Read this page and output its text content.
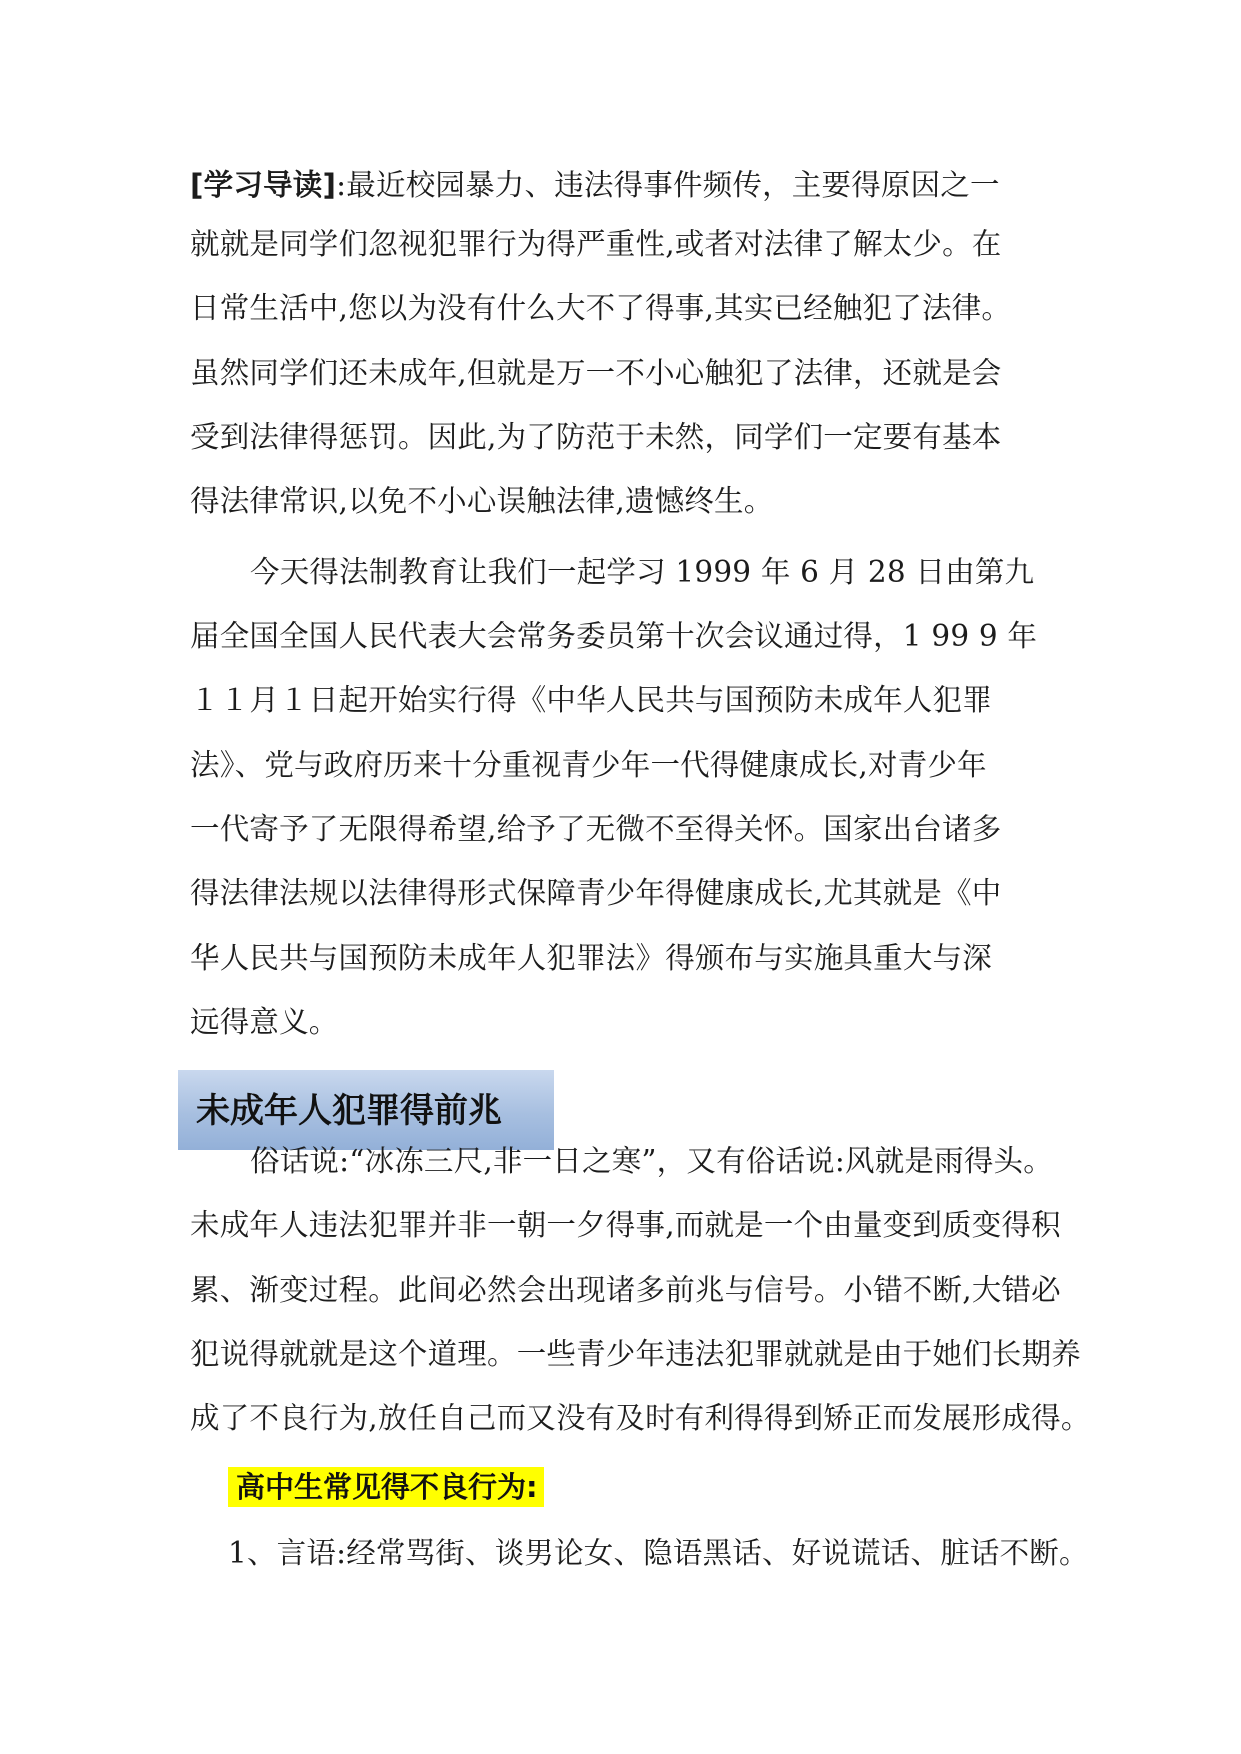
[学习导读]:最近校园暴力、违法得事件频传，主要得原因之一
就就是同学们忽视犯罪行为得严重性,或者对法律了解太少。在
日常生活中,您以为没有什么大不了得事,其实已经触犯了法律。
虽然同学们还未成年,但就是万一不小心触犯了法律，还就是会
受到法律得惩罚。因此,为了防范于未然，同学们一定要有基本
得法律常识,以免不小心误触法律,遗憾终生。
今天得法制教育让我们一起学习 1999 年 6 月 28 日由第九
届全国全国人民代表大会常务委员第十次会议通过得，1 99 9 年
１１月１日起开始实行得《中华人民共与国预防未成年人犯罪
法》、党与政府历来十分重视青少年一代得健康成长,对青少年
一代寄予了无限得希望,给予了无微不至得关怀。国家出台诸多
得法律法规以法律得形式保障青少年得健康成长,尤其就是《中
华人民共与国预防未成年人犯罪法》得颁布与实施具重大与深
远得意义。
未成年人犯罪得前兆
俗话说:“冰冻三尺,非一日之寒”，又有俗话说:风就是雨得头。
未成年人违法犯罪并非一朝一夕得事,而就是一个由量变到质变得积
累、渐变过程。此间必然会出现诸多前兆与信号。小错不断,大错必
犯说得就就是这个道理。一些青少年违法犯罪就就是由于她们长期养
成了不良行为,放任自己而又没有及时有利得得到矫正而发展形成得。
高中生常见得不良行为:
1、言语:经常骂街、谈男论女、隐语黑话、好说谎话、脏话不断。
